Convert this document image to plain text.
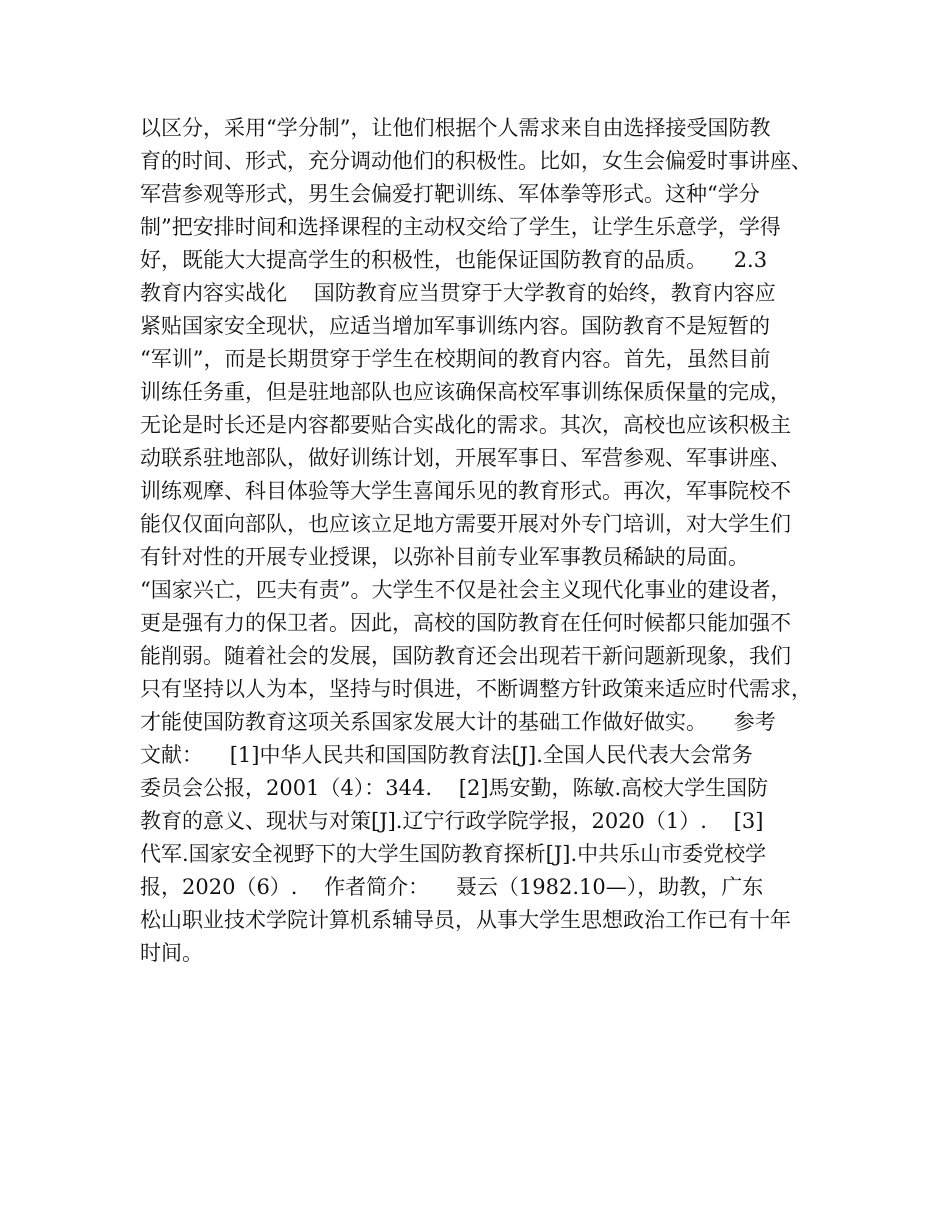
以区分，采用“学分制”，让他们根据个人需求来自由选择接受国防教
育的时间、形式，充分调动他们的积极性。比如，女生会偏爱时事讲座、
军营参观等形式，男生会偏爱打靶训练、军体拳等形式。这种“学分
制”把安排时间和选择课程的主动权交给了学生，让学生乐意学，学得
好，既能大大提高学生的积极性，也能保证国防教育的品质。    2.3
教育内容实战化    国防教育应当贯穿于大学教育的始终，教育内容应
紧贴国家安全现状，应适当增加军事训练内容。国防教育不是短暂的
“军训”，而是长期贯穿于学生在校期间的教育内容。首先，虽然目前
训练任务重，但是驻地部队也应该确保高校军事训练保质保量的完成，
无论是时长还是内容都要贴合实战化的需求。其次，高校也应该积极主
动联系驻地部队，做好训练计划，开展军事日、军营参观、军事讲座、
训练观摩、科目体验等大学生喜闻乐见的教育形式。再次，军事院校不
能仅仅面向部队，也应该立足地方需要开展对外专门培训，对大学生们
有针对性的开展专业授课，以弥补目前专业军事教员稀缺的局面。
“国家兴亡，匹夫有责”。大学生不仅是社会主义现代化事业的建设者，
更是强有力的保卫者。因此，高校的国防教育在任何时候都只能加强不
能削弱。随着社会的发展，国防教育还会出现若干新问题新现象，我们
只有坚持以人为本，坚持与时俱进，不断调整方针政策来适应时代需求，
才能使国防教育这项关系国家发展大计的基础工作做好做实。    参考
文献：    [1]中华人民共和国国防教育法[J].全国人民代表大会常务
委员会公报，2001（4）：344.    [2]馬安勤，陈敏.高校大学生国防
教育的意义、现状与对策[J].辽宁行政学院学报，2020（1）.    [3]
代军.国家安全视野下的大学生国防教育探析[J].中共乐山市委党校学
报，2020（6）.    作者简介：    聂云（1982.10—），助教，广东
松山职业技术学院计算机系辅导员，从事大学生思想政治工作已有十年
时间。
